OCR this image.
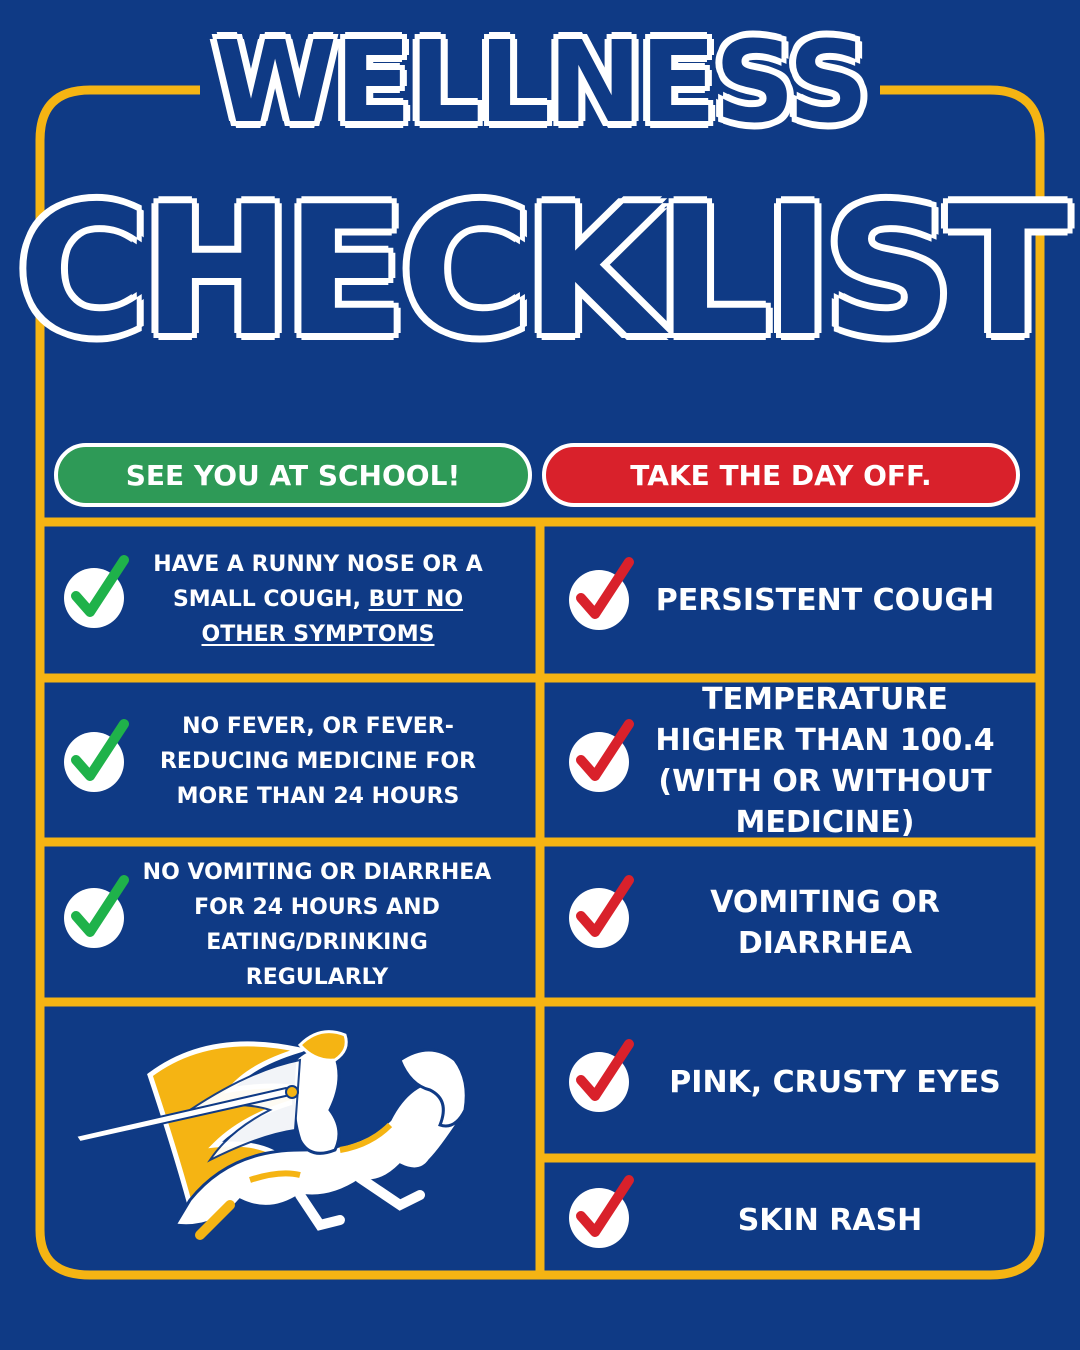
WELLNESS
CHECKLIST
SEE YOU AT SCHOOL!	TAKE THE DAY OFF.
HAVE A RUNNY NOSE OR A SMALL COUGH, BUT NO OTHER SYMPTOMS
NO FEVER, OR FEVER-REDUCING MEDICINE FOR MORE THAN 24 HOURS
NO VOMITING OR DIARRHEA FOR 24 HOURS AND EATING/DRINKING REGULARLY
PERSISTENT COUGH
TEMPERATURE HIGHER THAN 100.4 (WITH OR WITHOUT MEDICINE)
VOMITING OR DIARRHEA
PINK, CRUSTY EYES
SKIN RASH
